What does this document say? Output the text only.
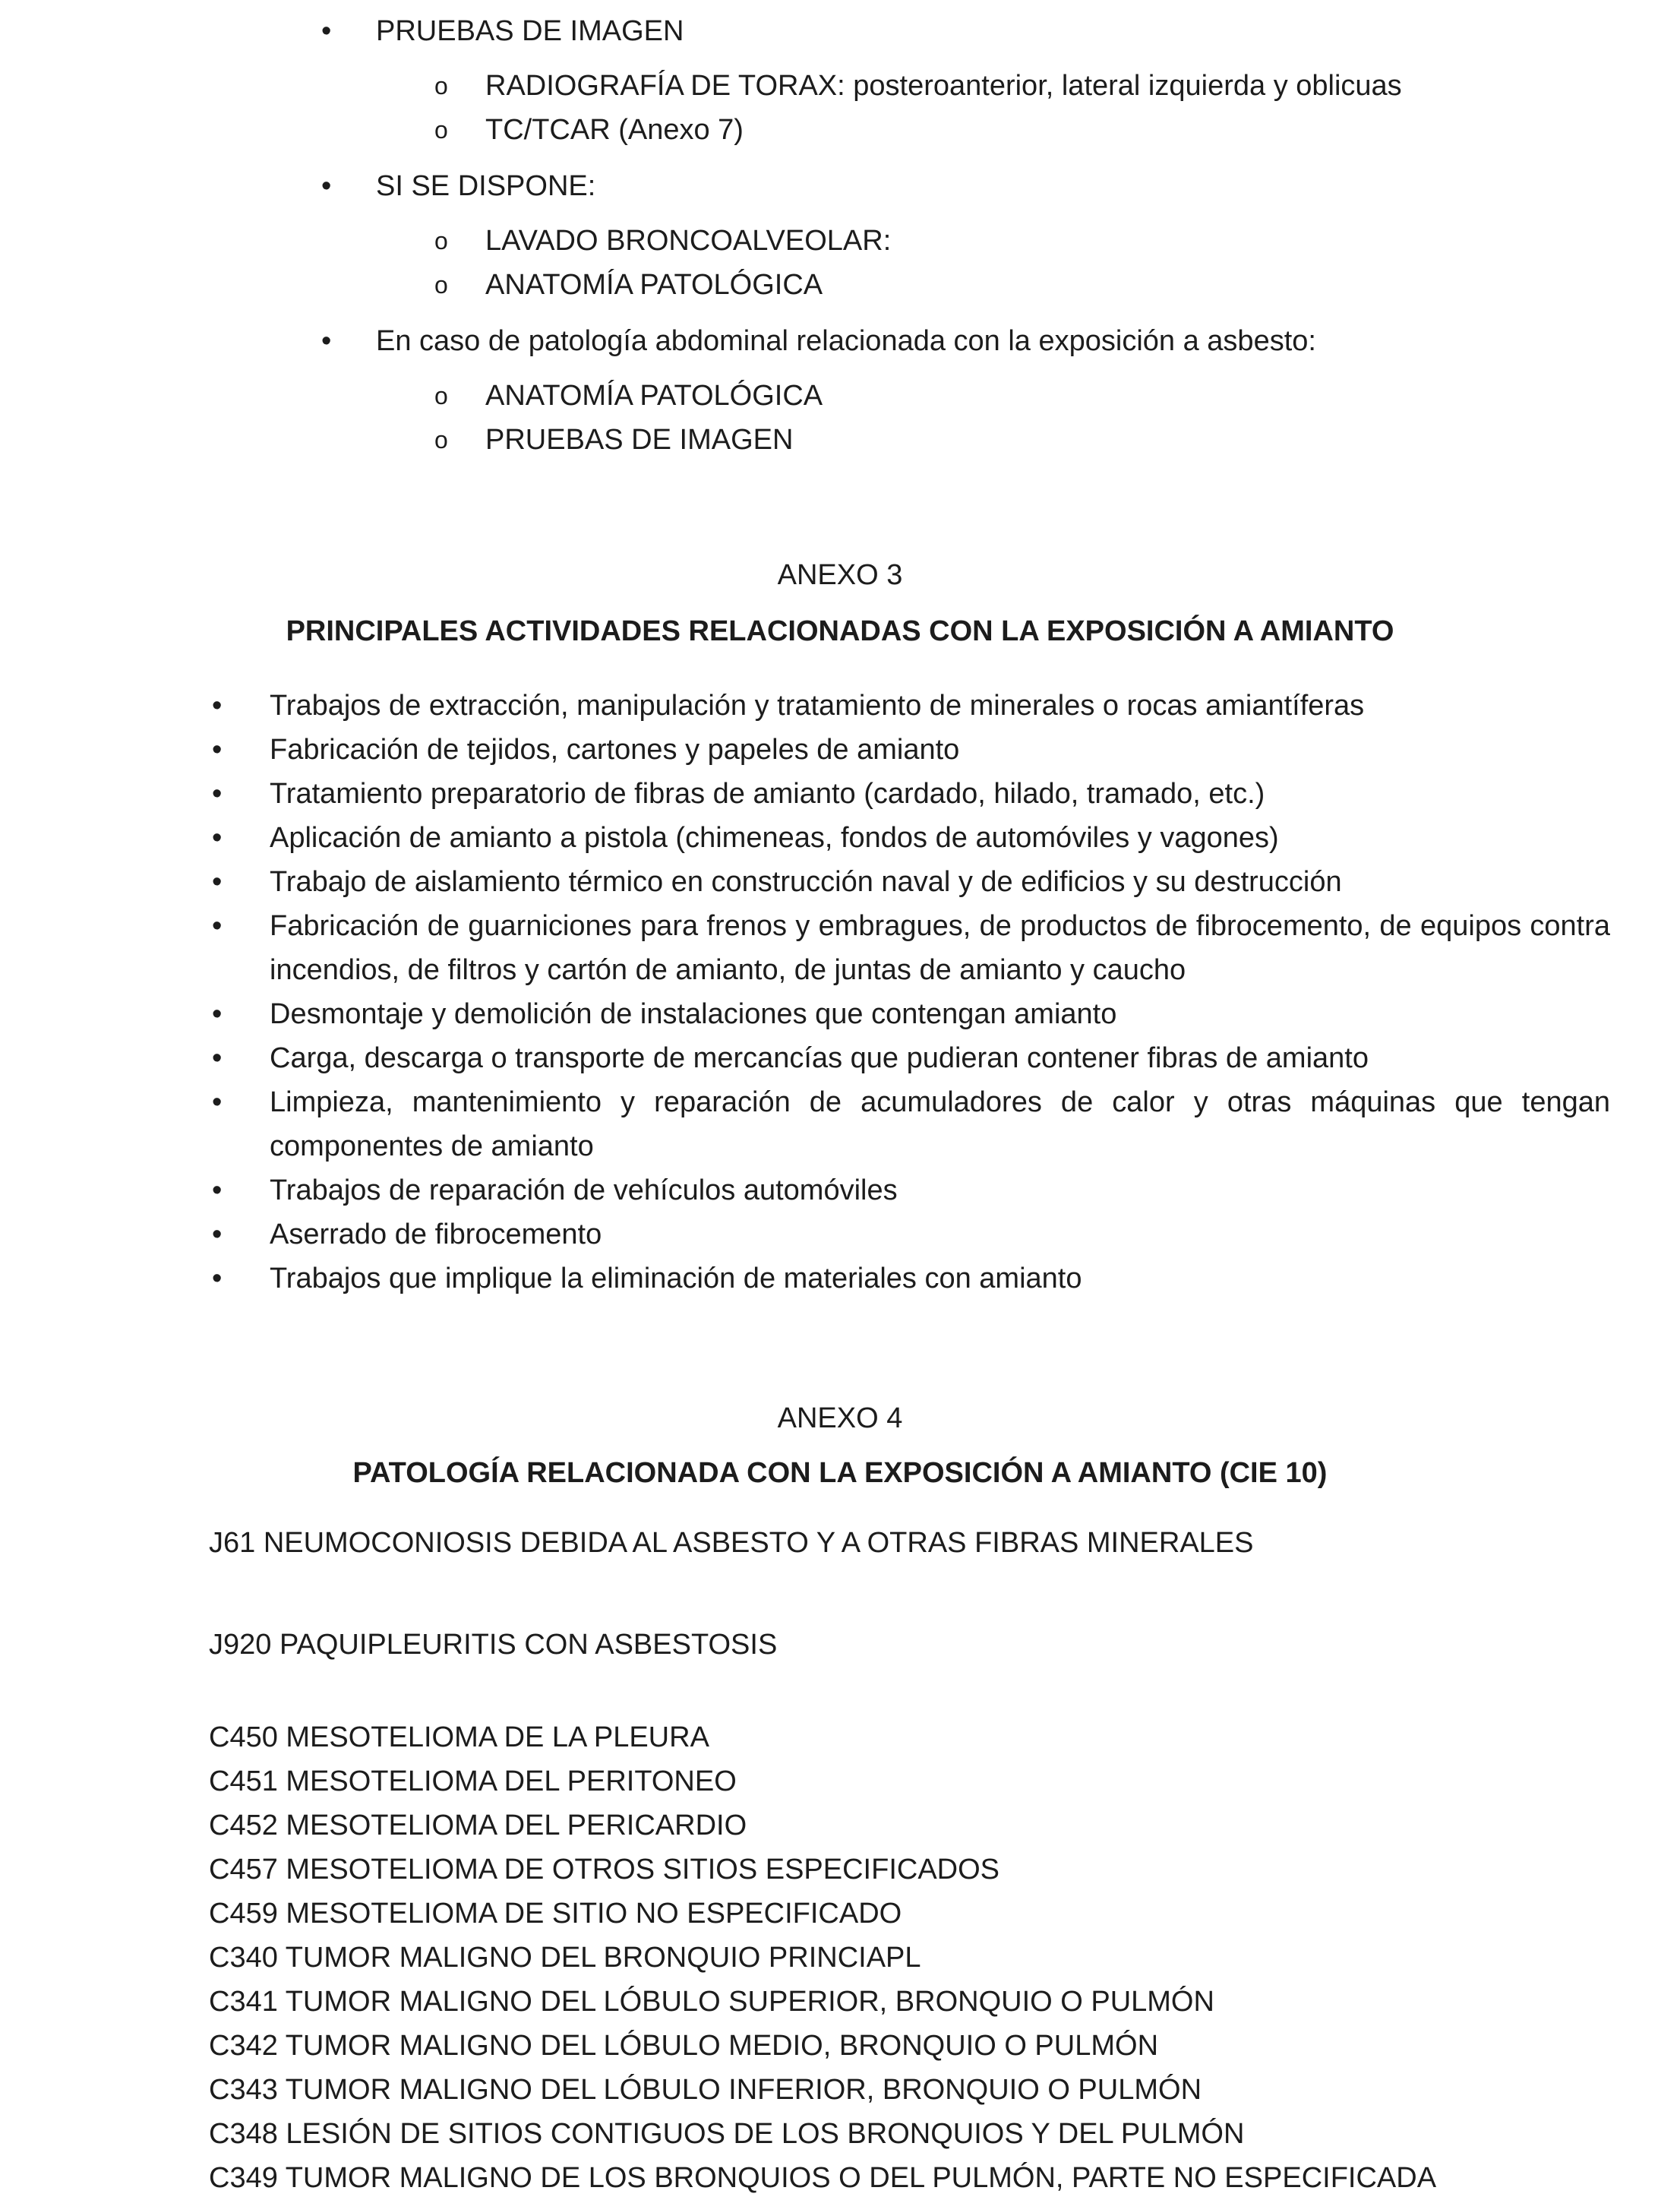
•
PRUEBAS DE IMAGEN
o
RADIOGRAFÍA DE TORAX: posteroanterior, lateral izquierda y oblicuas
o
TC/TCAR (Anexo 7)
•
SI SE DISPONE:
o
LAVADO BRONCOALVEOLAR:
o
ANATOMÍA PATOLÓGICA
•
En caso de patología abdominal relacionada con la exposición a asbesto:
o
ANATOMÍA PATOLÓGICA
o
PRUEBAS DE IMAGEN
ANEXO 3
PRINCIPALES ACTIVIDADES RELACIONADAS CON LA EXPOSICIÓN A AMIANTO
•
Trabajos de extracción, manipulación y tratamiento de minerales o rocas amiantíferas
•
Fabricación de tejidos, cartones y papeles de amianto
•
Tratamiento preparatorio de fibras de amianto (cardado, hilado, tramado, etc.)
•
Aplicación de amianto a pistola (chimeneas, fondos de automóviles y vagones)
•
Trabajo de aislamiento térmico en construcción naval y de edificios y su destrucción
•
Fabricación de guarniciones para frenos y embragues, de productos de fibrocemento, de equipos contra incendios, de filtros y cartón de amianto, de juntas de amianto y caucho
•
Desmontaje y demolición de instalaciones que contengan amianto
•
Carga, descarga o transporte de mercancías que pudieran contener fibras de amianto
•
Limpieza, mantenimiento y reparación de acumuladores de calor y otras máquinas que tengan componentes de amianto
•
Trabajos de reparación de vehículos automóviles
•
Aserrado de fibrocemento
•
Trabajos que implique la eliminación de materiales con amianto
ANEXO 4
PATOLOGÍA RELACIONADA CON LA EXPOSICIÓN A AMIANTO (CIE 10)
J61 NEUMOCONIOSIS DEBIDA AL ASBESTO Y A OTRAS FIBRAS MINERALES
J920 PAQUIPLEURITIS CON ASBESTOSIS
C450 MESOTELIOMA DE LA PLEURA
C451 MESOTELIOMA DEL PERITONEO
C452 MESOTELIOMA DEL PERICARDIO
C457 MESOTELIOMA DE OTROS SITIOS ESPECIFICADOS
C459 MESOTELIOMA DE SITIO NO ESPECIFICADO
C340 TUMOR MALIGNO DEL BRONQUIO PRINCIAPL
C341 TUMOR MALIGNO DEL LÓBULO SUPERIOR, BRONQUIO O PULMÓN
C342 TUMOR MALIGNO DEL LÓBULO MEDIO, BRONQUIO O PULMÓN
C343 TUMOR MALIGNO DEL LÓBULO INFERIOR, BRONQUIO O PULMÓN
C348 LESIÓN DE SITIOS CONTIGUOS DE LOS BRONQUIOS Y DEL PULMÓN
C349 TUMOR MALIGNO DE LOS BRONQUIOS O DEL PULMÓN, PARTE NO ESPECIFICADA
